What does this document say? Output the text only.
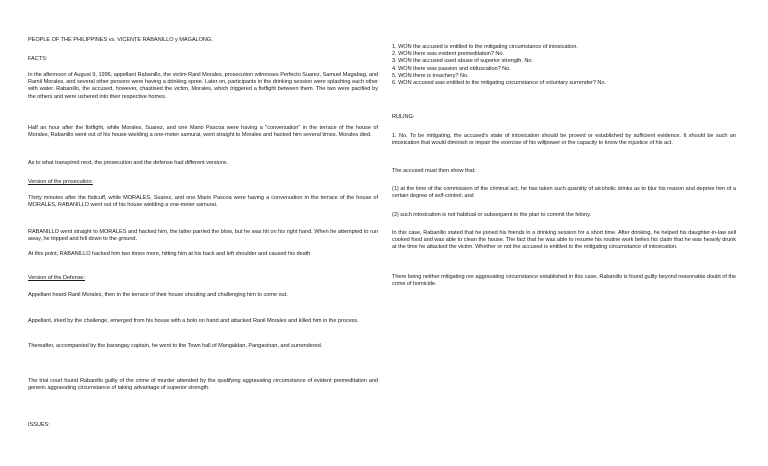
PEOPLE OF THE PHILIPPINES vs. VICENTE RABANILLO y MAGALONG.

FACTS:

In the afternoon of August 9, 1996, appellant Rabanillo, the victim Ranil Morales, prosecution witnesses Perfecto Suarez, Samuel Magabag, and Ramil Morales, and several other persons were having a drinking spree. Later on, participants in the drinking session were splashing each other with water. Rabanillo, the accused, however, chastised the victim, Morales, which triggered a fistfight between them. The two were pacified by the others and were ushered into their respective homes.

Half an hour after the fistfight, while Morales, Suarez, and one Mario Pascoa were having a "conversation" in the terrace of the house of Morales, Rabanillo went out of his house wielding a one-meter samurai, went straight to Morales and hacked him several times. Morales died.

As to what transpired next, the prosecution and the defense had different versions.

Version of the prosecution:

Thirty minutes after the fisticuff, while MORALES, Suarez, and one Mario Pascoa were having a conversation in the terrace of the house of MORALES, RABANILLO went out of his house wielding a one-meter samurai.

RABANILLO went straight to MORALES and hacked him, the latter parried the blow, but he was hit on his right hand. When he attempted to run away, he tripped and fell down to the ground.

At this point, RABANILLO hacked him two times more, hitting him at his back and left shoulder and caused his death

Version of the Defense:

Appellant heard Ranil Morales, then in the terrace of their house shouting and challenging him to come out.

Appellant, irked by the challenge, emerged from his house with a bolo on hand and attacked Ranil Morales and killed him in the process.

Thereafter, accompanied by the barangay captain, he went to the Town hall of Mangaldan, Pangasinan, and surrendered.

The trial court found Rabanillo guilty of the crime of murder attended by the qualifying aggravating circumstance of evident premeditation and generic aggravating circumstance of taking advantage of superior strength.

ISSUES:

1. WON the accused is entitled to the mitigating circumstance of intoxication.
2. WON there was evident premeditation? No.
3. WON the accused used abuse of superior strength. No.
4. WON there was passion and obfuscation? No.
5. WON there is treachery? No.
6. WON accused was entitled to the mitigating circumstance of voluntary surrender? No.

RULING:

1. No. To be mitigating, the accused's state of intoxication should be proved or established by sufficient evidence. It should be such an intoxication that would diminish or impair the exercise of his willpower or the capacity to know the injustice of his act.

The accused must then show that:

(1) at the time of the commission of the criminal act, he has taken such quantity of alcoholic drinks as to blur his reason and deprive him of a certain degree of self-control; and

(2) such intoxication is not habitual or subsequent to the plan to commit the felony.

In this case, Rabanillo stated that he joined his friends in a drinking session for a short time. After drinking, he helped his daughter-in-law sell cooked food and was able to clean the house. The fact that he was able to resume his routine work belies his claim that he was heavily drunk at the time he attacked the victim. Whether or not the accused is entitled to the mitigating circumstance of intoxication.

There being neither mitigating nor aggravating circumstance established in this case, Rabanillo is found guilty beyond reasonable doubt of the crime of homicide.
